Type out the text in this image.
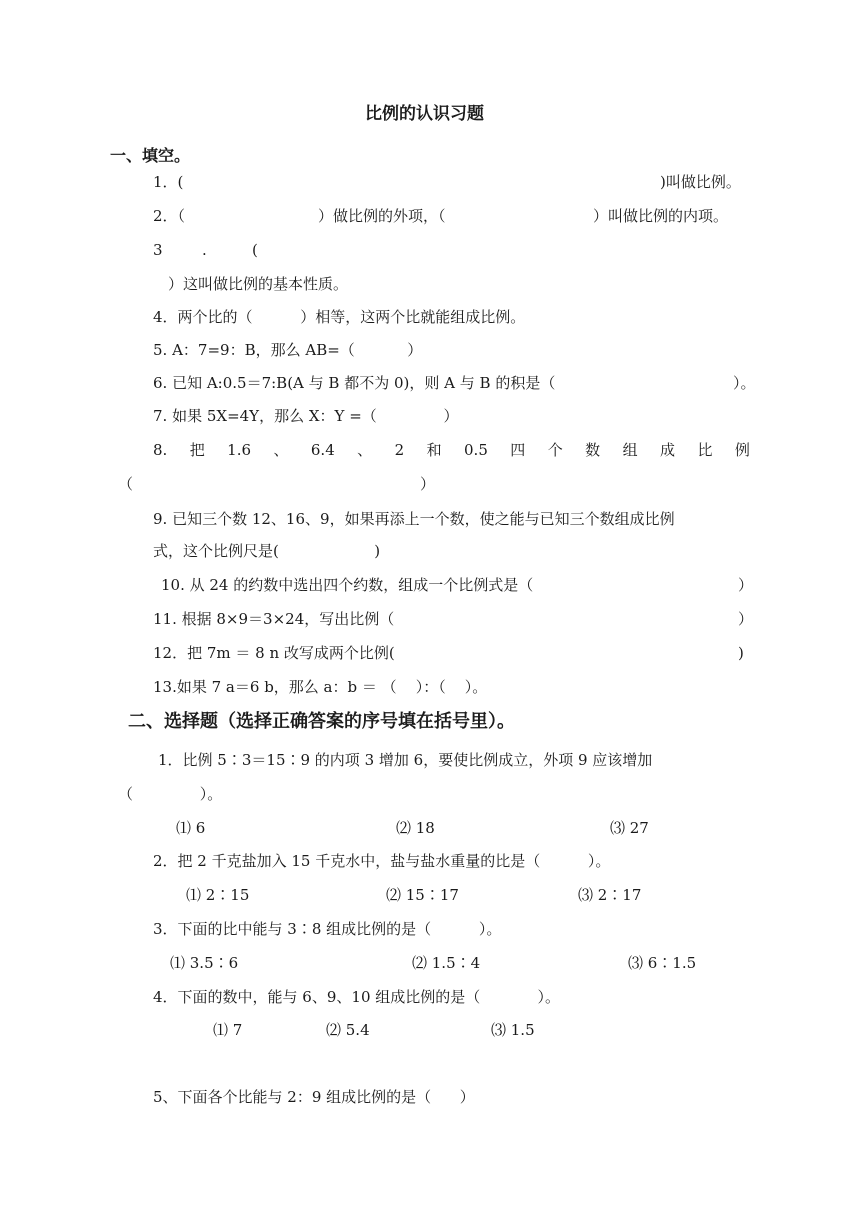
比例的认识习题
一、填空。
1．(	)叫做比例。
2．（	）做比例的外项，（	）叫做比例的内项。
3	.	(
）这叫做比例的基本性质。
4．两个比的（          ）相等，这两个比就能组成比例。
5. A：7=9：B，那么 AB=（           ）
6. 已知 A:0.5＝7:B(A 与 B 都不为 0)，则 A 与 B 的积是（	）。
7. 如果 5X=4Y，那么 X：Y =（              ）
8. 把 1.6 、 6.4 、 2 和 0.5 四 个 数 组 成 比 例
（	）
9. 已知三个数 12、16、9，如果再添上一个数，使之能与已知三个数组成比例
式，这个比例尺是(                    )
10. 从 24 的约数中选出四个约数，组成一个比例式是（	）
11. 根据 8×9＝3×24，写出比例（	）
12．把 7m ＝ 8 n 改写成两个比例(	)
13.如果 7 a＝6 b，那么 a：b ＝ （    ）：（    ）。
二、选择题（选择正确答案的序号填在括号里）。
1．比例 5∶3＝15∶9 的内项 3 增加 6，要使比例成立，外项 9 应该增加
（              ）。
⑴ 6	⑵ 18	⑶ 27
2．把 2 千克盐加入 15 千克水中，盐与盐水重量的比是（          ）。
⑴ 2∶15	⑵ 15∶17	⑶ 2∶17
3．下面的比中能与 3∶8 组成比例的是（          ）。
⑴ 3.5∶6	⑵ 1.5∶4	⑶ 6∶1.5
4．下面的数中，能与 6、9、10 组成比例的是（            ）。
⑴ 7	⑵ 5.4	⑶ 1.5
5、下面各个比能与 2：9 组成比例的是（      ）
